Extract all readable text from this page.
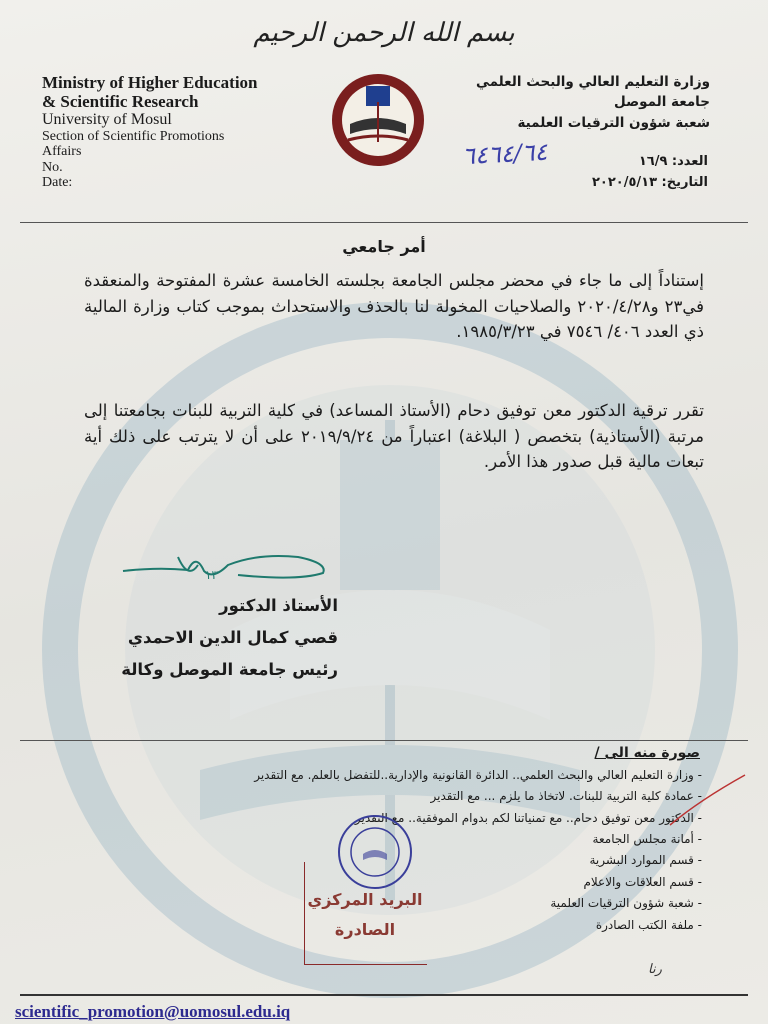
بسم الله الرحمن الرحيم
Ministry of Higher Education
& Scientific Research
University of Mosul
Section of Scientific Promotions
Affairs
No.
Date:
وزارة التعليم العالي والبحث العلمي
جامعة الموصل
شعبة شؤون الترقيات العلمية
٦٤٦٤/٦٤	العدد: ١٦/٩
التاريخ: ٢٠٢٠/٥/١٣
أمر جامعي
إستناداً إلى ما جاء في محضر مجلس الجامعة بجلسته الخامسة عشرة المفتوحة والمنعقدة في٢٣ و٢٠٢٠/٤/٢٨ والصلاحيات المخولة لنا بالحذف والاستحداث بموجب كتاب وزارة المالية ذي العدد ٤٠٦/ ٧٥٤٦ في ١٩٨٥/٣/٢٣.
تقرر ترقية الدكتور معن توفيق دحام (الأستاذ المساعد) في كلية التربية للبنات بجامعتنا إلى مرتبة (الأستاذية) بتخصص ( البلاغة) اعتباراً من ٢٠١٩/٩/٢٤ على أن لا يترتب على ذلك أية تبعات مالية قبل صدور هذا الأمر.
الأستاذ الدكتور
قصي كمال الدين الاحمدي
رئيس جامعة الموصل وكالة
١٣
صورة منه الى /
- وزارة التعليم العالي والبحث العلمي.. الدائرة القانونية والإدارية..للتفضل بالعلم. مع التقدير
- عمادة كلية التربية للبنات. لاتخاذ ما يلزم ... مع التقدير
- الدكتور معن توفيق دحام.. مع تمنياتنا لكم بدوام الموفقية.. مع التقدير
- أمانة مجلس الجامعة
- قسم الموارد البشرية
- قسم العلاقات والاعلام
- شعبة شؤون الترقيات العلمية
- ملفة الكتب الصادرة
البريد المركزي
الصادرة
رنا
scientific_promotion@uomosul.edu.iq
